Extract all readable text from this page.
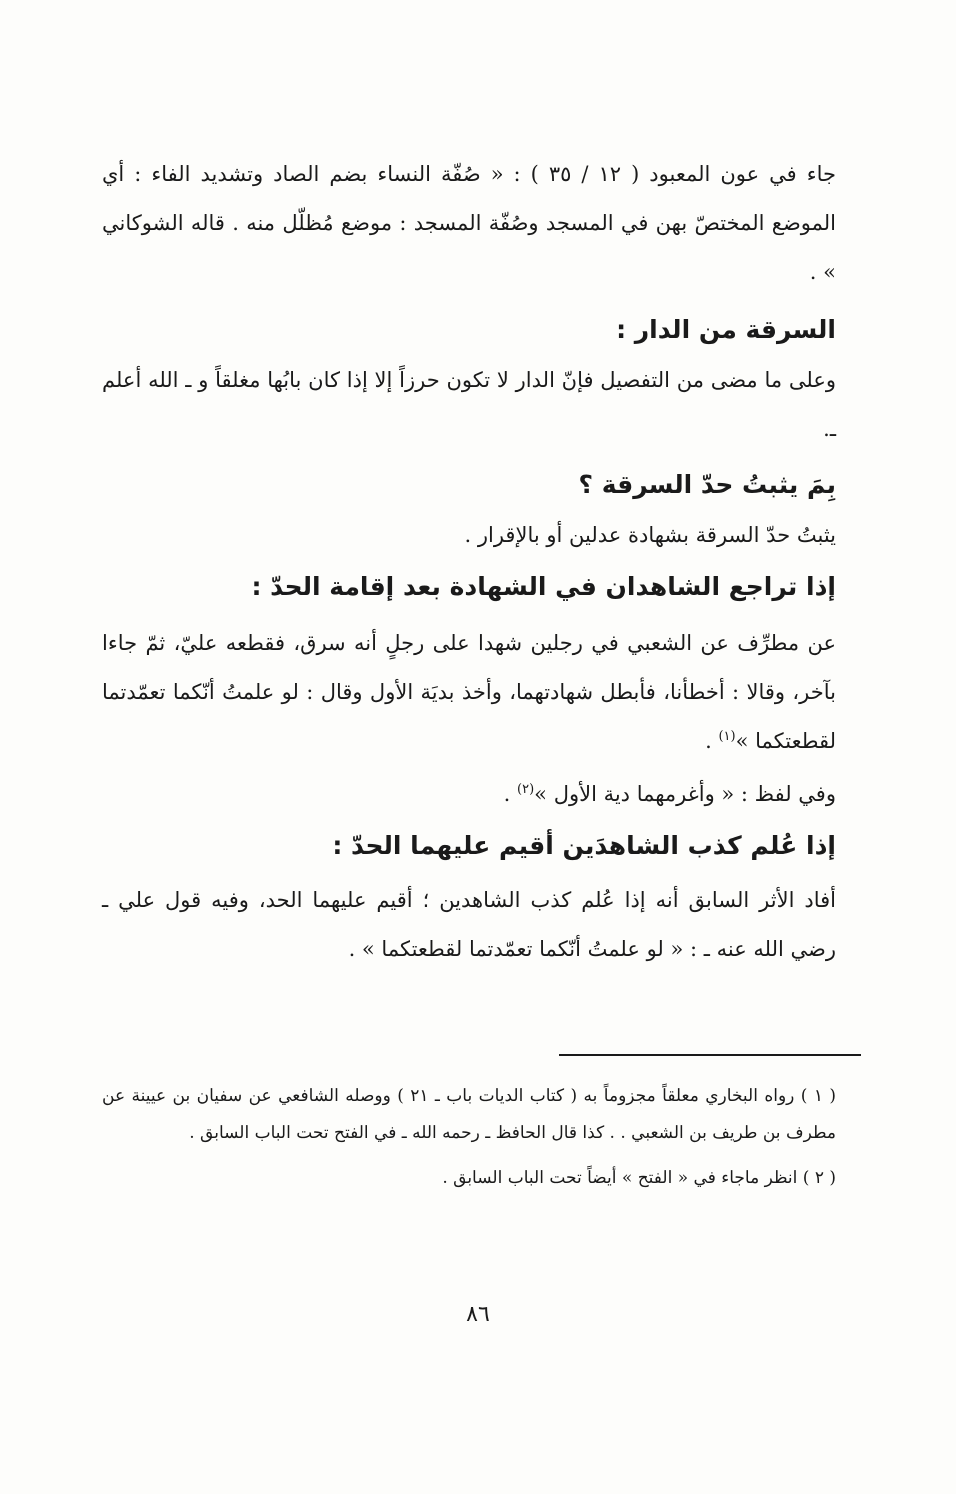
جاء في عون المعبود ( ١٢ / ٣٥ ) : « صُفّة النساء بضم الصاد وتشديد الفاء : أي الموضع المختصّ بهن في المسجد وصُفّة المسجد : موضع مُظلّل منه . قاله الشوكاني » .

السرقة من الدار :

وعلى ما مضى من التفصيل فإنّ الدار لا تكون حرزاً إلا إذا كان بابُها مغلقاً و ـ الله أعلم ـ.

بِمَ يثبتُ حدّ السرقة ؟

يثبتُ حدّ السرقة بشهادة عدلين أو بالإقرار .

إذا تراجع الشاهدان في الشهادة بعد إقامة الحدّ :

عن مطرِّف عن الشعبي في رجلين شهدا على رجلٍ أنه سرق، فقطعه عليّ، ثمّ جاءا بآخر، وقالا : أخطأنا، فأبطل شهادتهما، وأخذ بديَة الأول وقال : لو علمتُ أنّكما تعمّدتما لقطعتكما »$^{(١)}$ .

وفي لفظ : « وأغرمهما دية الأول »$^{(٢)}$ .

إذا عُلم كذب الشاهدَين أقيم عليهما الحدّ :

أفاد الأثر السابق أنه إذا عُلم كذب الشاهدين ؛ أقيم عليهما الحد، وفيه قول علي ـ رضي الله عنه ـ : « لو علمتُ أنّكما تعمّدتما لقطعتكما » .

( ١ ) رواه البخاري معلقاً مجزوماً به ( كتاب الديات باب ـ ٢١ ) ووصله الشافعي عن سفيان بن عيينة عن مطرف بن طريف بن الشعبي . . كذا قال الحافظ ـ رحمه الله ـ في الفتح تحت الباب السابق .

( ٢ ) انظر ماجاء في « الفتح » أيضاً تحت الباب السابق .

٨٦
